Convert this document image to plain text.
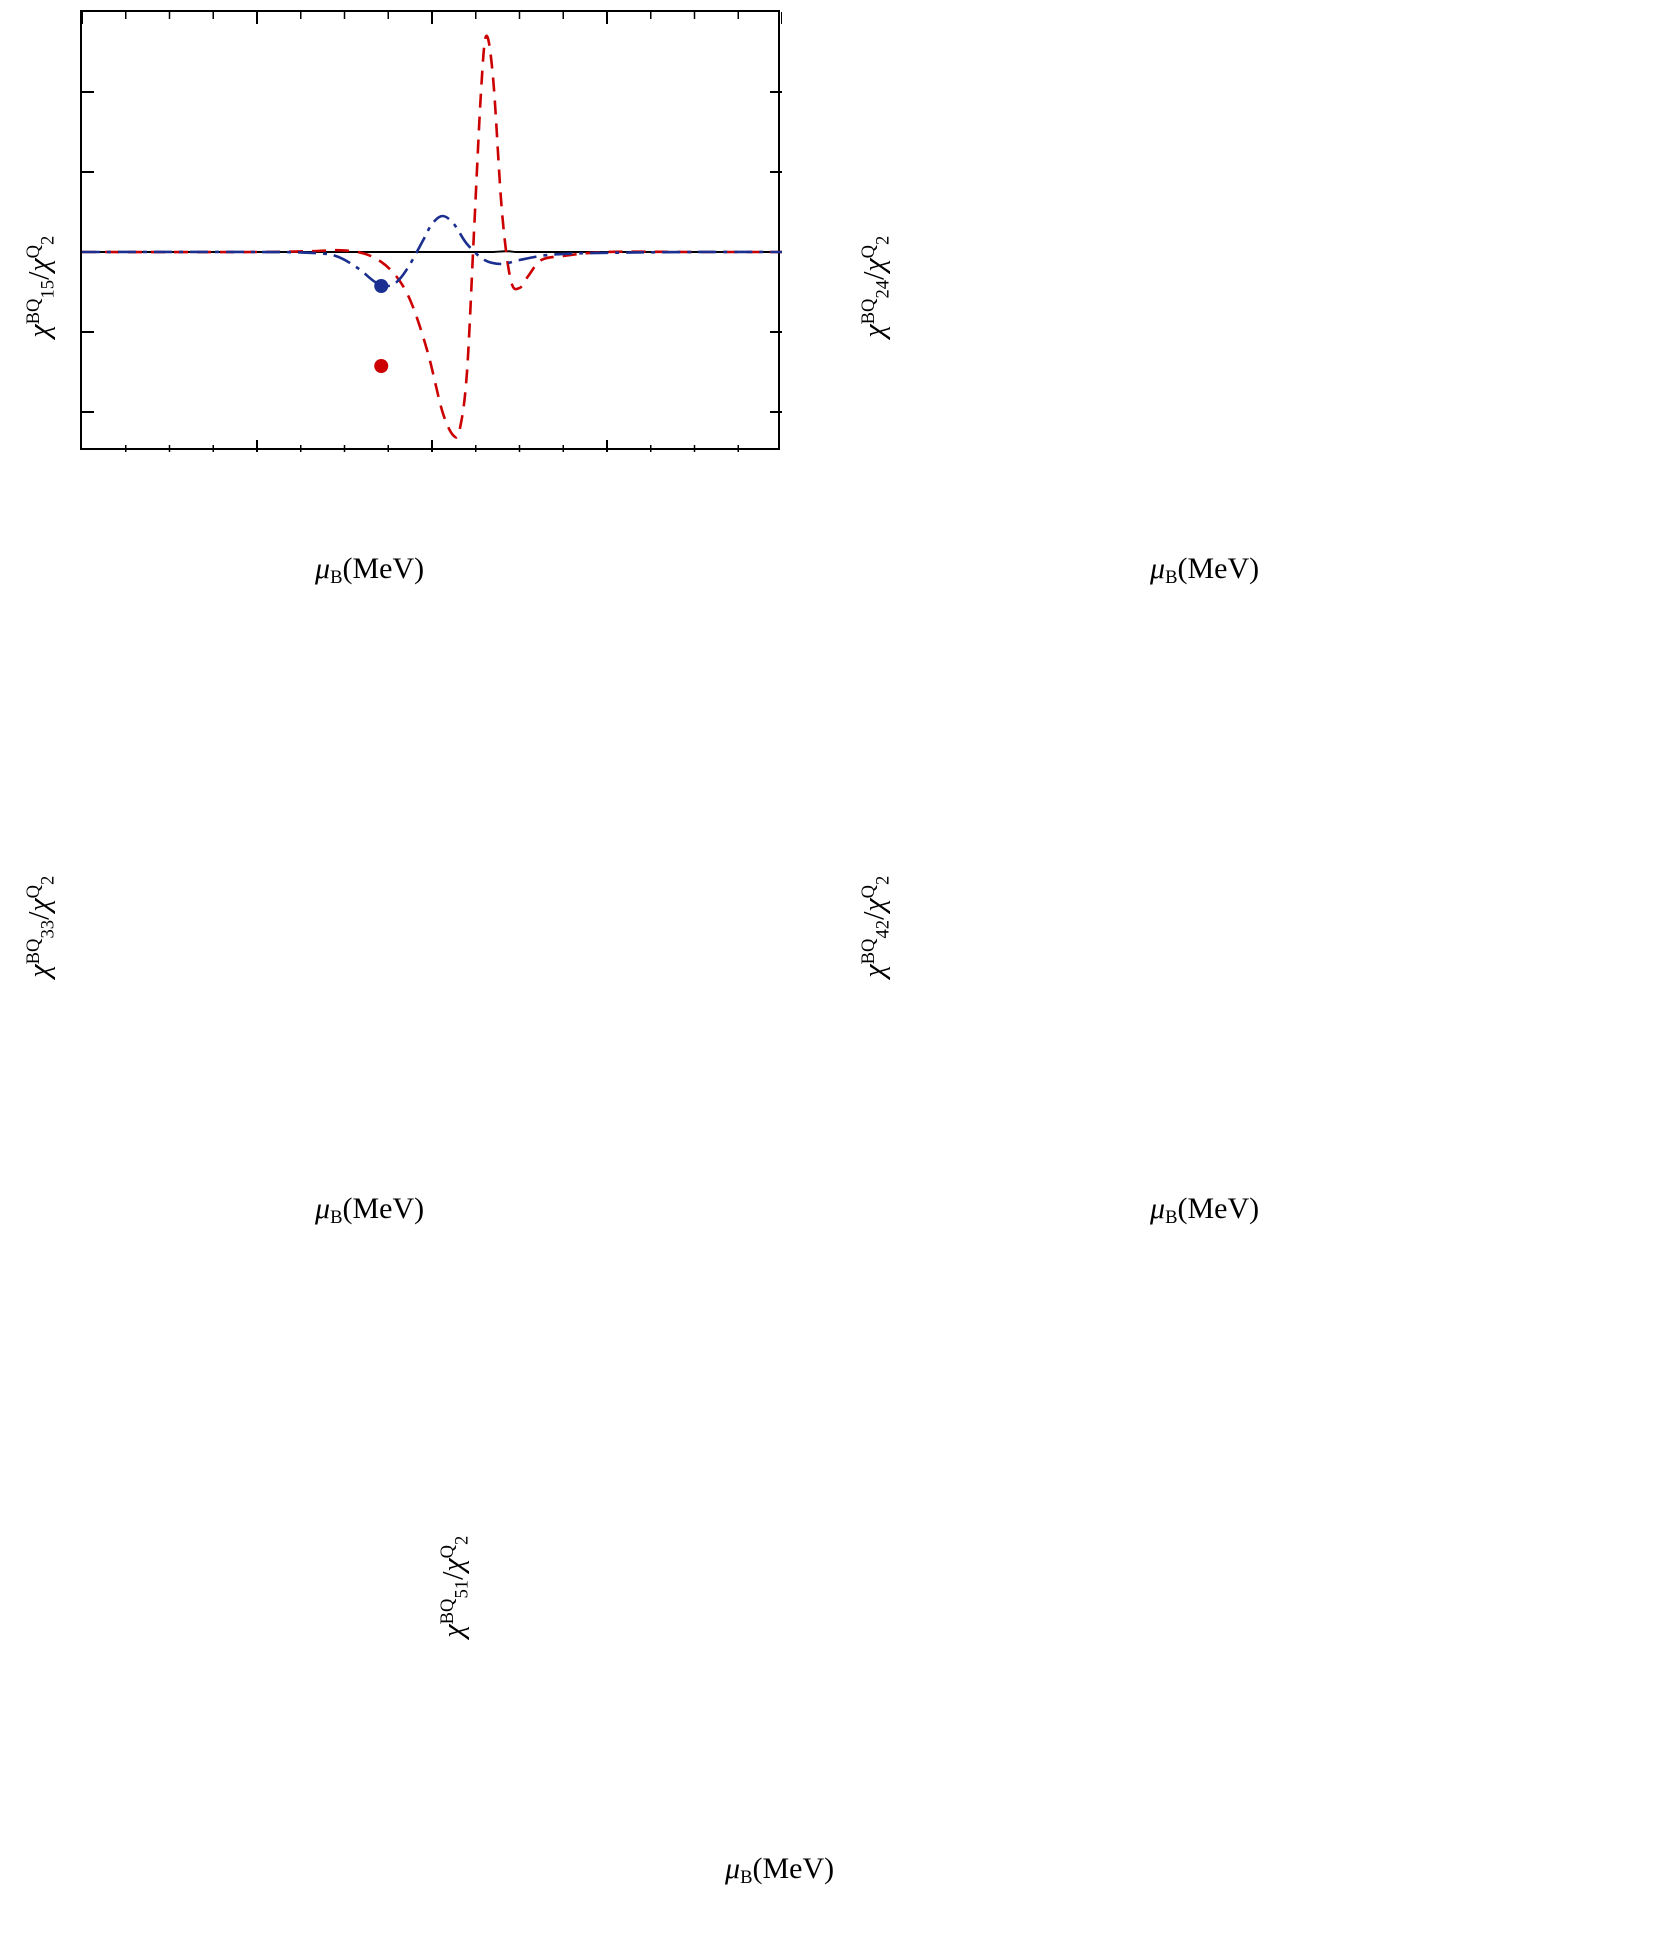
$\chi^{BQ}_{15}/\chi^Q_2$
$\mu_B(MeV)$
$\chi^{BQ}_{24}/\chi^Q_2$
$\mu_B(MeV)$
$\chi^{BQ}_{33}/\chi^Q_2$
$\mu_B(MeV)$
$\chi^{BQ}_{42}/\chi^Q_2$
$\mu_B(MeV)$
$\chi^{BQ}_{51}/\chi^Q_2$
$\mu_B(MeV)$
